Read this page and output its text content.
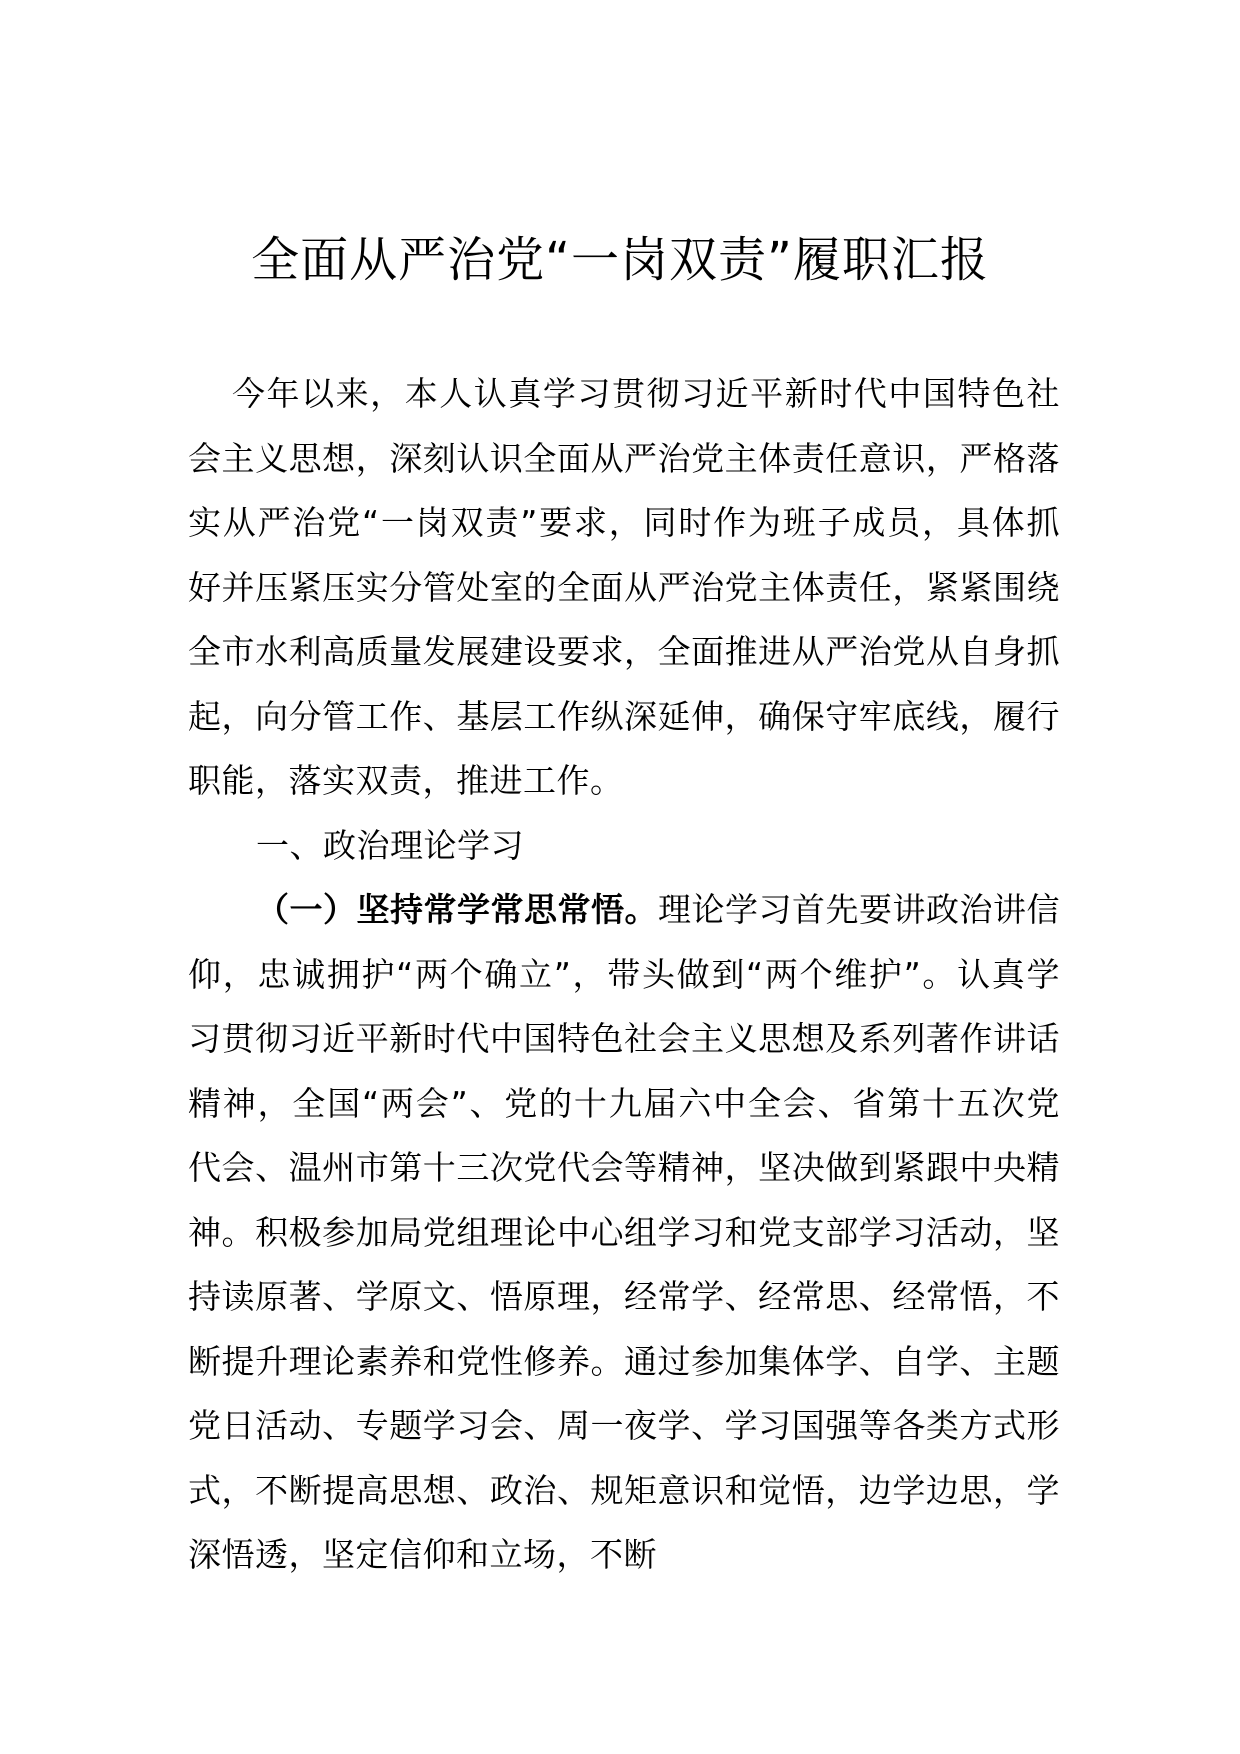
全面从严治党“一岗双责”履职汇报

今年以来，本人认真学习贯彻习近平新时代中国特色社会主义思想，深刻认识全面从严治党主体责任意识，严格落实从严治党“一岗双责”要求，同时作为班子成员，具体抓好并压紧压实分管处室的全面从严治党主体责任，紧紧围绕全市水利高质量发展建设要求，全面推进从严治党从自身抓起，向分管工作、基层工作纵深延伸，确保守牢底线，履行职能，落实双责，推进工作。

一、政治理论学习

（一）坚持常学常思常悟。理论学习首先要讲政治讲信仰，忠诚拥护“两个确立”，带头做到“两个维护”。认真学习贯彻习近平新时代中国特色社会主义思想及系列著作讲话精神，全国“两会”、党的十九届六中全会、省第十五次党代会、温州市第十三次党代会等精神，坚决做到紧跟中央精神。积极参加局党组理论中心组学习和党支部学习活动，坚持读原著、学原文、悟原理，经常学、经常思、经常悟，不断提升理论素养和党性修养。通过参加集体学、自学、主题党日活动、专题学习会、周一夜学、学习国强等各类方式形式，不断提高思想、政治、规矩意识和觉悟，边学边思，学深悟透，坚定信仰和立场，不断
